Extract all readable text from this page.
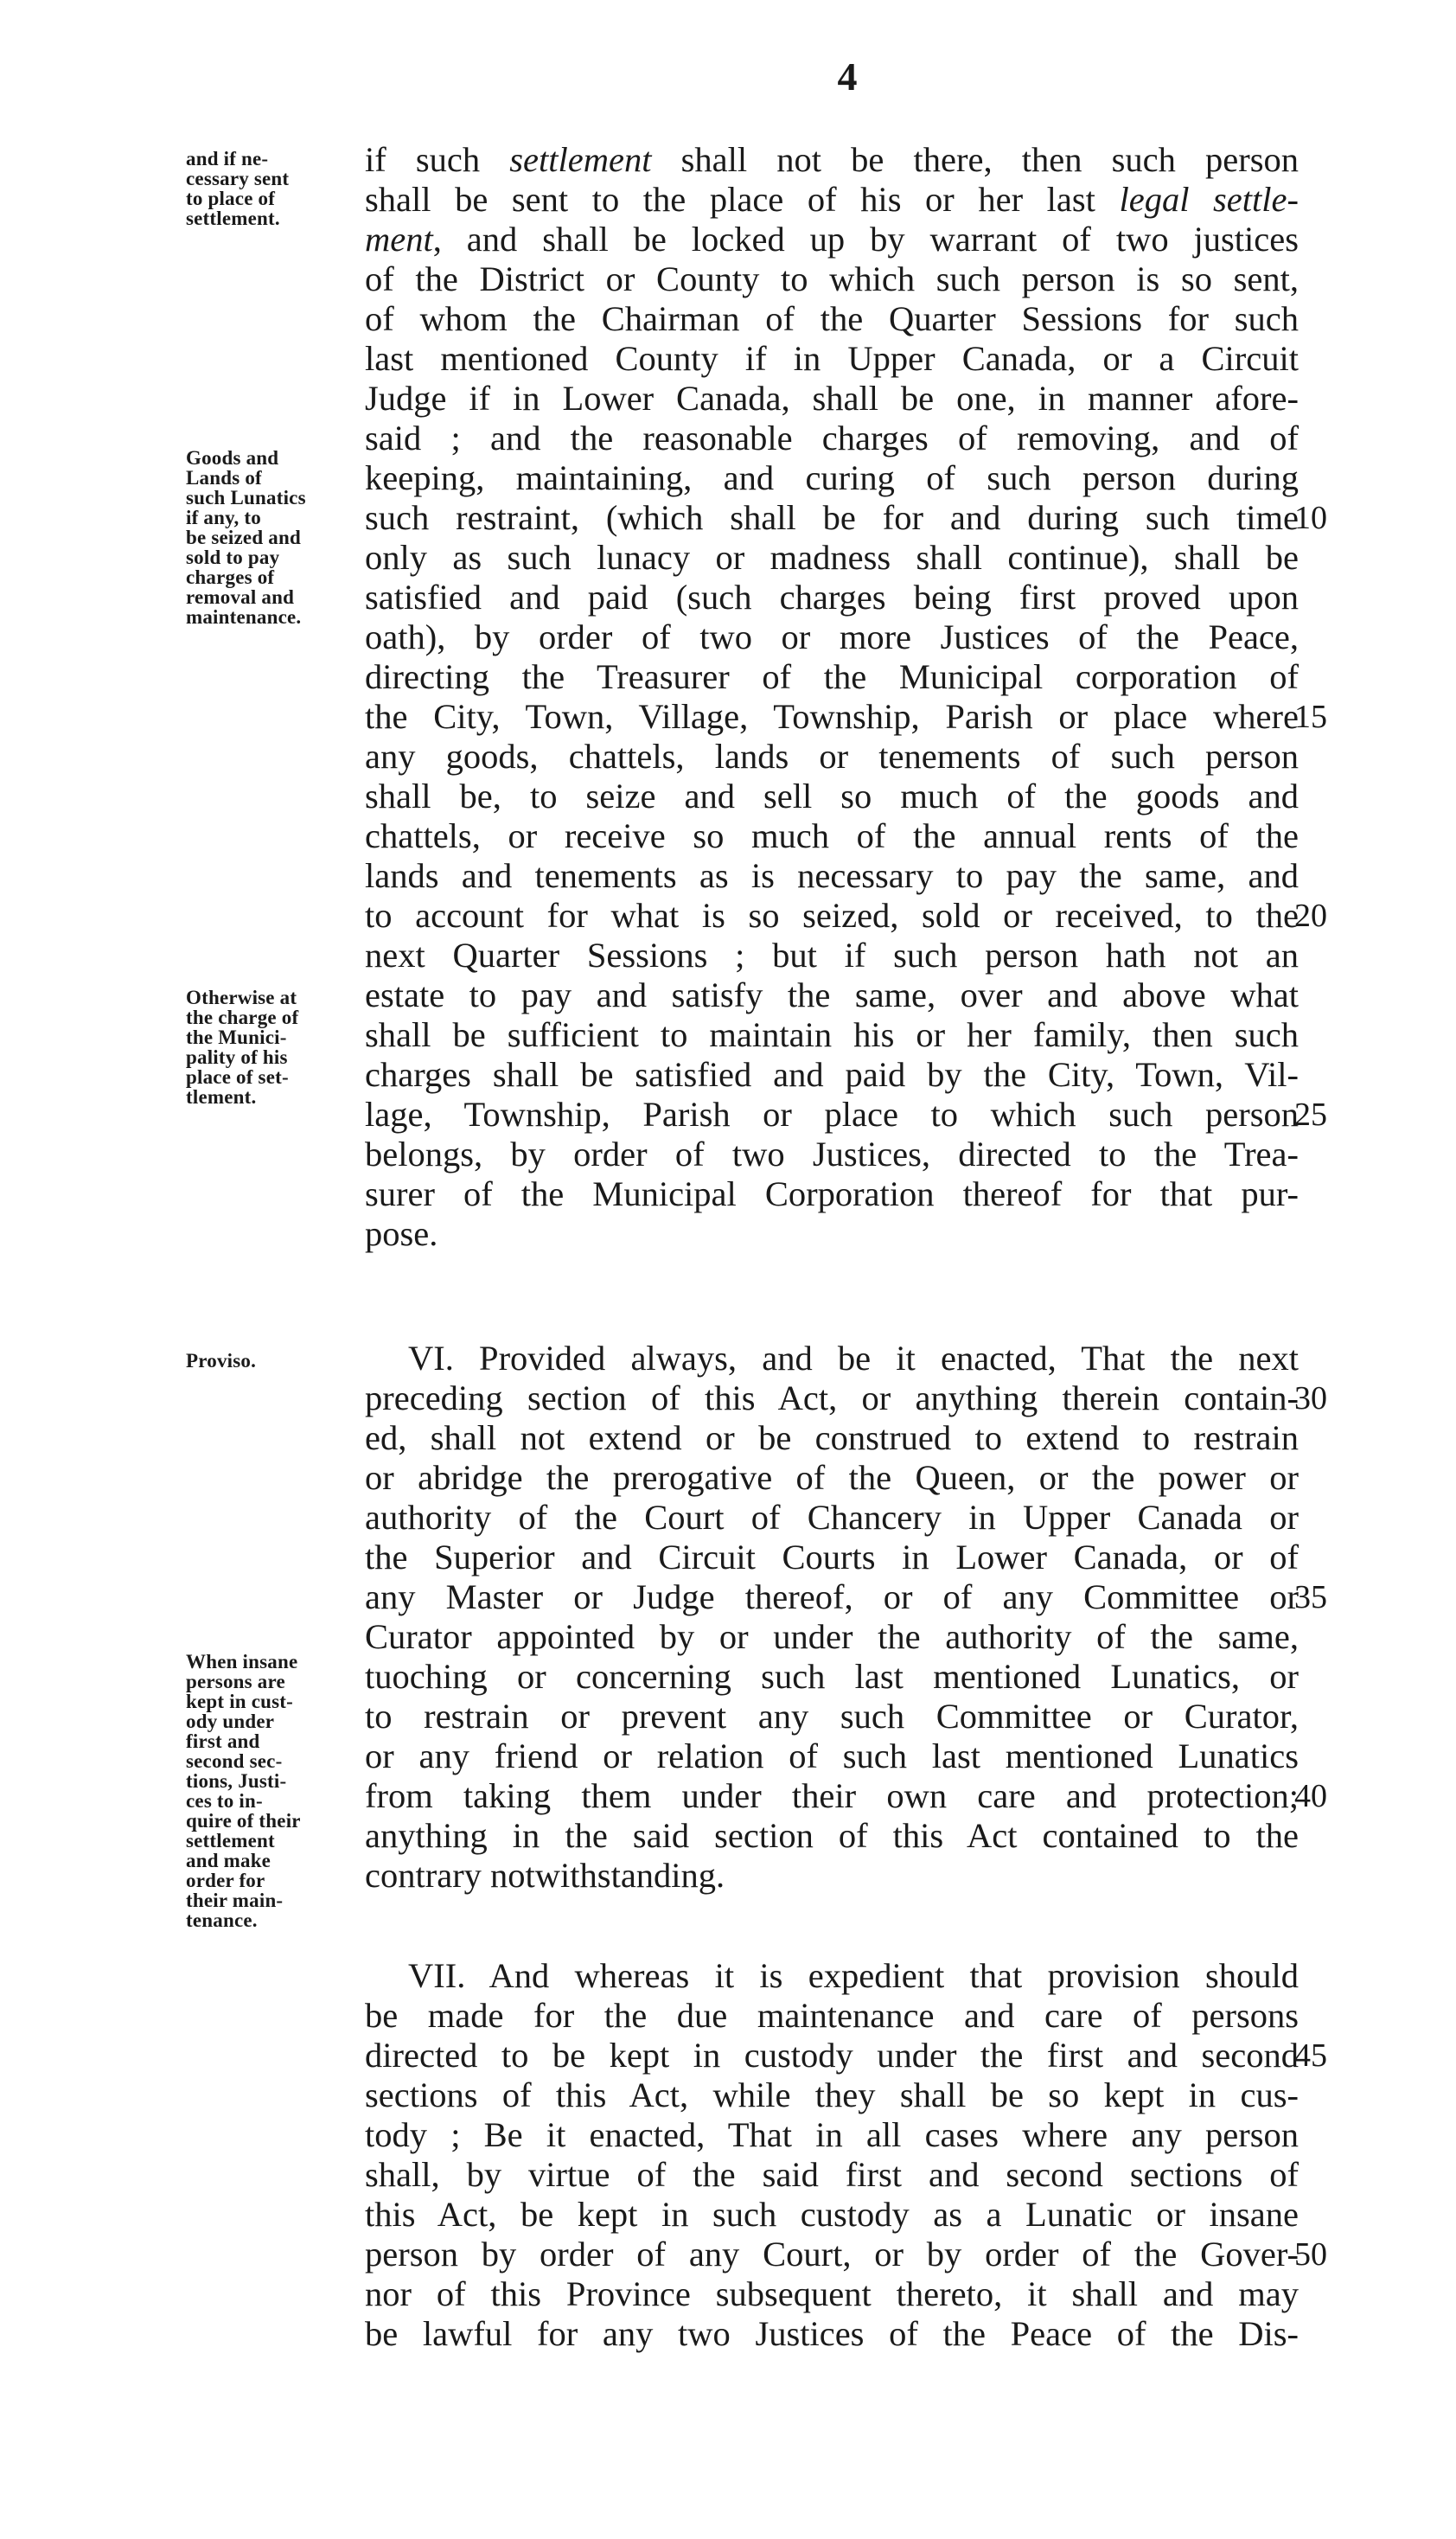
4
and if ne-
cessary sent
to place of
settlement.
Goods and
Lands of
such Lunatics
if any, to
be seized and
sold to pay
charges of
removal and
maintenance.
Otherwise at
the charge of
the Munici-
pality of his
place of set-
tlement.
Proviso.
When insane
persons are
kept in cust-
ody under
first and
second sec-
tions, Justi-
ces to in-
quire of their
settlement
and make
order for
their main-
tenance.
if such settlement shall not be there, then such person
shall be sent to the place of his or her last legal settle-
ment, and shall be locked up by warrant of two justices
of the District or County to which such person is so sent,
of whom the Chairman of the Quarter Sessions for such
last mentioned County if in Upper Canada, or a Circuit
Judge if in Lower Canada, shall be one, in manner afore-
said ; and the reasonable charges of removing, and of
keeping, maintaining, and curing of such person during
such restraint, (which shall be for and during such time
only as such lunacy or madness shall continue), shall be
satisfied and paid (such charges being first proved upon
oath), by order of two or more Justices of the Peace,
directing the Treasurer of the Municipal corporation of
the City, Town, Village, Township, Parish or place where
any goods, chattels, lands or tenements of such person
shall be, to seize and sell so much of the goods and
chattels, or receive so much of the annual rents of the
lands and tenements as is necessary to pay the same, and
to account for what is so seized, sold or received, to the
next Quarter Sessions ; but if such person hath not an
estate to pay and satisfy the same, over and above what
shall be sufficient to maintain his or her family, then such
charges shall be satisfied and paid by the City, Town, Vil-
lage, Township, Parish or place to which such person
belongs, by order of two Justices, directed to the Trea-
surer of the Municipal Corporation thereof for that pur-
pose.
VI. Provided always, and be it enacted, That the next
preceding section of this Act, or anything therein contain-
ed, shall not extend or be construed to extend to restrain
or abridge the prerogative of the Queen, or the power or
authority of the Court of Chancery in Upper Canada or
the Superior and Circuit Courts in Lower Canada, or of
any Master or Judge thereof, or of any Committee or
Curator appointed by or under the authority of the same,
tuoching or concerning such last mentioned Lunatics, or
to restrain or prevent any such Committee or Curator,
or any friend or relation of such last mentioned Lunatics
from taking them under their own care and protection;
anything in the said section of this Act contained to the
contrary notwithstanding.
VII. And whereas it is expedient that provision should
be made for the due maintenance and care of persons
directed to be kept in custody under the first and second
sections of this Act, while they shall be so kept in cus-
tody ; Be it enacted, That in all cases where any person
shall, by virtue of the said first and second sections of
this Act, be kept in such custody as a Lunatic or insane
person by order of any Court, or by order of the Gover-
nor of this Province subsequent thereto, it shall and may
be lawful for any two Justices of the Peace of the Dis-
10
15
20
25
30
35
40
45
50
